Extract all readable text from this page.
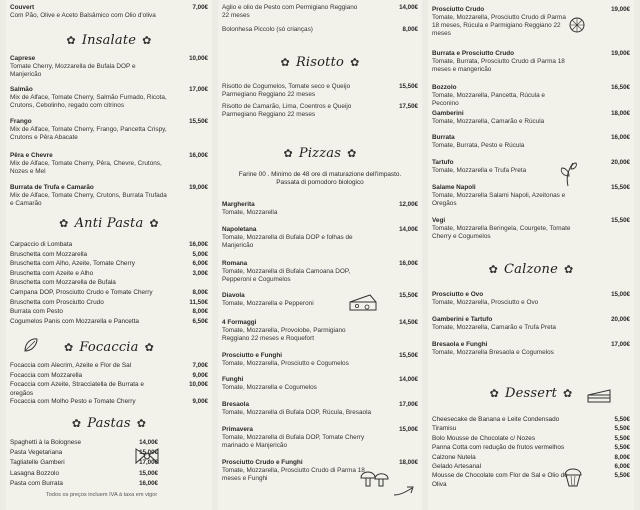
Couvert
Com Pão, Olive e Aceto Balsâmico com Olio d'oliva
7,00€
✿ Insalate ✿
✿ Anti Pasta ✿
Carpaccio di Lombata	16,00€
Bruschetta com Mozzarella	5,00€
Bruschetta com Alho, Azeite, Tomate Cherry	6,00€
Bruschetta com Azeite e Alho	3,00€
Bruschetta com Mozzarella de Bufala
Campana DOP, Prosciutto Crudo e Tomate Cherry	8,00€
Bruschetta com Prosciutto Crudo	11,50€
Burrata com Pesto	8,00€
Cogumelos Panis com Mozzarella e Pancetta	6,50€
✿ Focaccia ✿
Focaccia com Alecrim, Azeite e Flor de Sal	7,00€
Focaccia com Mozzarella	9,00€
Focaccia com Azeite, Stracciatella de Burrata e oregãos
10,00€
Focaccia com Molho Pesto e Tomate Cherry	9,00€
✿ Pastas ✿
Spaghetti à la Bolognese	14,00€
Pasta Vegetariana	15,00€
Tagliatelle Gamberi	17,00€
Lasagna Bozzolo	15,00€
Pasta com Burrata	16,00€
Todos os preços incluem IVA à taxa em vigor
Caprese
Tomate Cherry, Mozzarella de Bufala DOP e Manjericão
10,00€
Salmão
Mix de Alface, Tomate Cherry, Salmão Fumado, Ricota, Crutons, Cebolinho, regado com citrinos
17,00€
Frango
Mix de Alface, Tomate Cherry, Frango, Pancetta Crispy, Crutons e Pêra Abacate
15,50€
Pêra e Chevre
Mix de Alface, Tomate Cherry, Pêra, Chevre, Crutons, Nozes e Mel
16,00€
Burrata de Trufa e Camarão
Mix de Alface, Tomate Cherry, Crutons, Burrata Trufada e Camarão
19,00€
✿ Risotto ✿
✿ Pizzas ✿
Farine 00 . Minimo de 48 ore di maturazione dell'impasto. Passata di pomodoro biologico
Aglio e olio de Pesto com Permigiano Reggiano 22 meses
14,00€
Bolonhesa Piccolo (só crianças)	8,00€
Risotto de Cogumelos, Tomate seco e Queijo Parmegiano Reggiano 22 meses
15,50€
Risotto de Camarão, Lima, Coentros e Queijo Parmegiano Reggiano 22 meses
17,50€
Margherita
Tomate, Mozzarella
12,00€
Napoletana
Tomate, Mozzarella di Bufala DOP e folhas de Manjericão
14,00€
Romana
Tomate, Mozzarella di Bufala Camoana DOP, Pepperoni e Cogumelos
16,00€
Diavola
Tomate, Mozzarella e Pepperoni
15,50€
4 Formaggi
Tomate, Mozzarella, Provolobe, Parmigiano Reggiano 22 meses e Roquefort
14,50€
Prosciutto e Funghi
Tomate, Mozzarella, Prosciutto e Cogumelos
15,50€
Funghi
Tomate, Mozzarella e Cogumelos
14,00€
Bresaola
Tomate, Mozzarella di Bufala DOP, Rúcula, Bresaola
17,00€
Primavera
Tomate, Mozzarella di Bufala DOP, Tomate Cherry marinado e Manjericão
15,00€
Prosciutto Crudo e Funghi
Tomate, Mozzarella, Prosciutto Crudo di Parma 18 meses e Funghi
18,00€
✿ Calzone ✿
✿ Dessert ✿
Cheesecake de Banana e Leite Condensado	5,50€
Tiramisu	5,50€
Bolo Mousse de Chocolate c/ Nozes	5,50€
Panna Cotta com redução de frutos vermelhos	5,50€
Calzone Nutela	8,00€
Gelado Artesanal	6,00€
Mousse de Chocolate com Flor de Sal e Olio de Oliva
5,50€
Prosciutto Crudo
Tomate, Mozzarella, Prosciutto Crudo di Parma 18 meses, Rúcula e Parmigiano Reggiano 22 meses
19,00€
Burrata e Prosciutto Crudo
Tomate, Burrata, Prosciutto Crudo di Parma 18 meses e mangericão
19,00€
Bozzolo
Tomate, Mozzarella, Pancetta, Rúcula e Peconino
16,50€
Gamberini
Tomate, Mozzarella, Camarão e Rúcula
18,00€
Burrata
Tomate, Burrata, Pesto e Rúcula
16,00€
Tartufo
Tomate, Mozzarella e Trufa Preta
20,00€
Salame Napoli
Tomate, Mozzarella Salami Napoli, Azeitonas e Oregãos
15,50€
Vegi
Tomate, Mozzarella Beringela, Courgete, Tomate Cherry e Cogumelos
15,50€
Prosciutto e Ovo
Tomate, Mozzarella, Prosciutto e Ovo
15,00€
Gamberini e Tartufo
Tomate, Mozzarella, Camarão e Trufa Preta
20,00€
Bresaola e Funghi
Tomate, Mozzarella Bresaola e Cogumelos
17,00€
